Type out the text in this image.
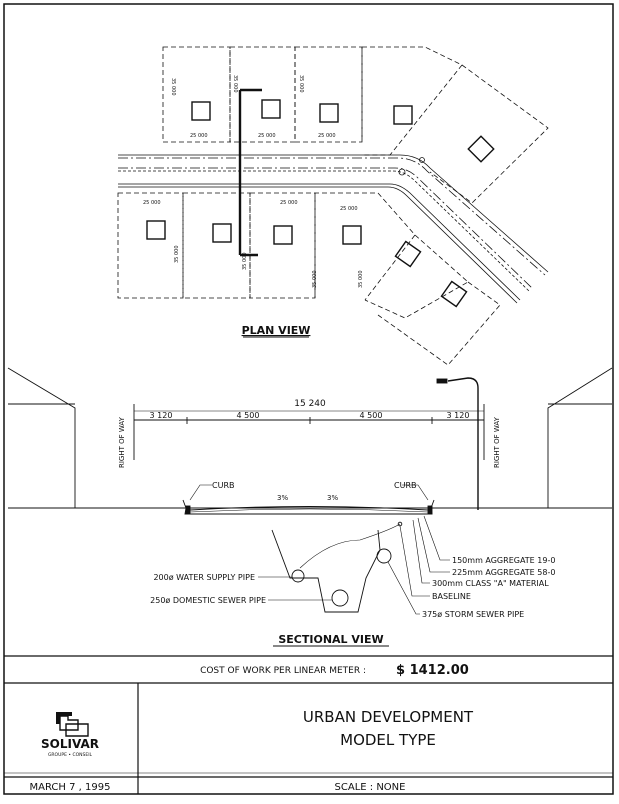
25 000	25 000	25 000
25 000	25 000
25 000
35 000	35 000	35 000
35 000	35 000
35 000	35 000
PLAN VIEW
15 240
3 120	4 500	4 500	3 120
RIGHT OF WAY	RIGHT OF WAY
CURB	CURB
3%	3%
200ø WATER SUPPLY PIPE
250ø DOMESTIC SEWER PIPE
150mm AGGREGATE 19-0
225mm AGGREGATE 58-0
300mm CLASS "A" MATERIAL
BASELINE
375ø STORM SEWER PIPE
SECTIONAL VIEW
COST OF WORK PER LINEAR METER : $ 1412.00
SOLIVAR
GROUPE • CONSEIL
URBAN DEVELOPMENT
MODEL TYPE
MARCH 7 , 1995	SCALE : NONE
